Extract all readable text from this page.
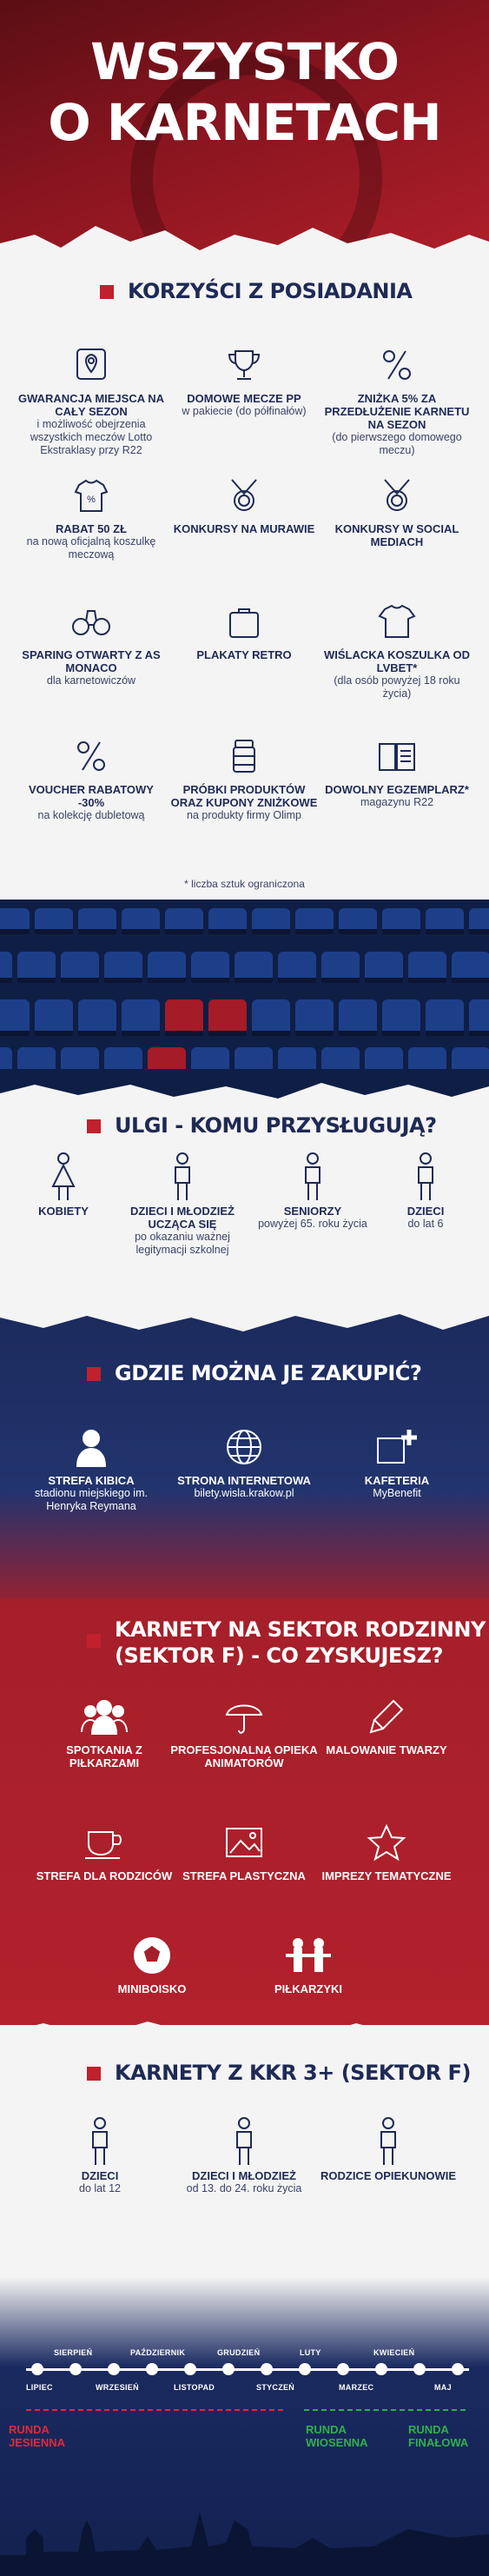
WSZYSTKO
O KARNETACH
KORZYŚCI Z POSIADANIA
GWARANCJA MIEJSCA NA CAŁY SEZON
i możliwość obejrzenia wszystkich meczów Lotto Ekstraklasy przy R22
DOMOWE MECZE PP
w pakiecie (do półfinałów)
ZNIŻKA 5% ZA PRZEDŁUŻENIE KARNETU NA SEZON
(do pierwszego domowego meczu)
%
RABAT 50 ZŁ
na nową oficjalną koszulkę meczową
KONKURSY NA MURAWIE	KONKURSY W SOCIAL MEDIACH
SPARING OTWARTY Z AS MONACO
dla karnetowiczów
PLAKATY RETRO	WIŚLACKA KOSZULKA OD LVBET*
(dla osób powyżej 18 roku życia)
VOUCHER RABATOWY -30%
na kolekcję dubletową
PRÓBKI PRODUKTÓW ORAZ KUPONY ZNIŻKOWE
na produkty firmy Olimp
DOWOLNY EGZEMPLARZ*
magazynu R22
* liczba sztuk ograniczona
ULGI - KOMU PRZYSŁUGUJĄ?
KOBIETY	DZIECI I MŁODZIEŻ UCZĄCA SIĘ
po okazaniu ważnej legitymacji szkolnej
SENIORZY
powyżej 65. roku życia
DZIECI
do lat 6
GDZIE MOŻNA JE ZAKUPIĆ?
STREFA KIBICA
stadionu miejskiego im. Henryka Reymana
STRONA INTERNETOWA
bilety.wisla.krakow.pl
KAFETERIA
MyBenefit
KARNETY NA SEKTOR RODZINNY
(SEKTOR F) - CO ZYSKUJESZ?
SPOTKANIA Z PIŁKARZAMI
PROFESJONALNA OPIEKA ANIMATORÓW
MALOWANIE TWARZY
STREFA DLA RODZICÓW STREFA PLASTYCZNA	IMPREZY TEMATYCZNE
MINIBOISKO	PIŁKARZYKI
KARNETY Z KKR 3+ (SEKTOR F)
DZIECI
do lat 12
DZIECI I MŁODZIEŻ
od 13. do 24. roku życia
RODZICE OPIEKUNOWIE
SIERPIEŃ	PAŹDZIERNIK	GRUDZIEŃ	LUTY	KWIECIEŃ
LIPIEC	WRZESIEŃ	LISTOPAD	STYCZEŃ	MARZEC	MAJ
RUNDA
JESIENNA
RUNDA
WIOSENNA
RUNDA
FINAŁOWA
